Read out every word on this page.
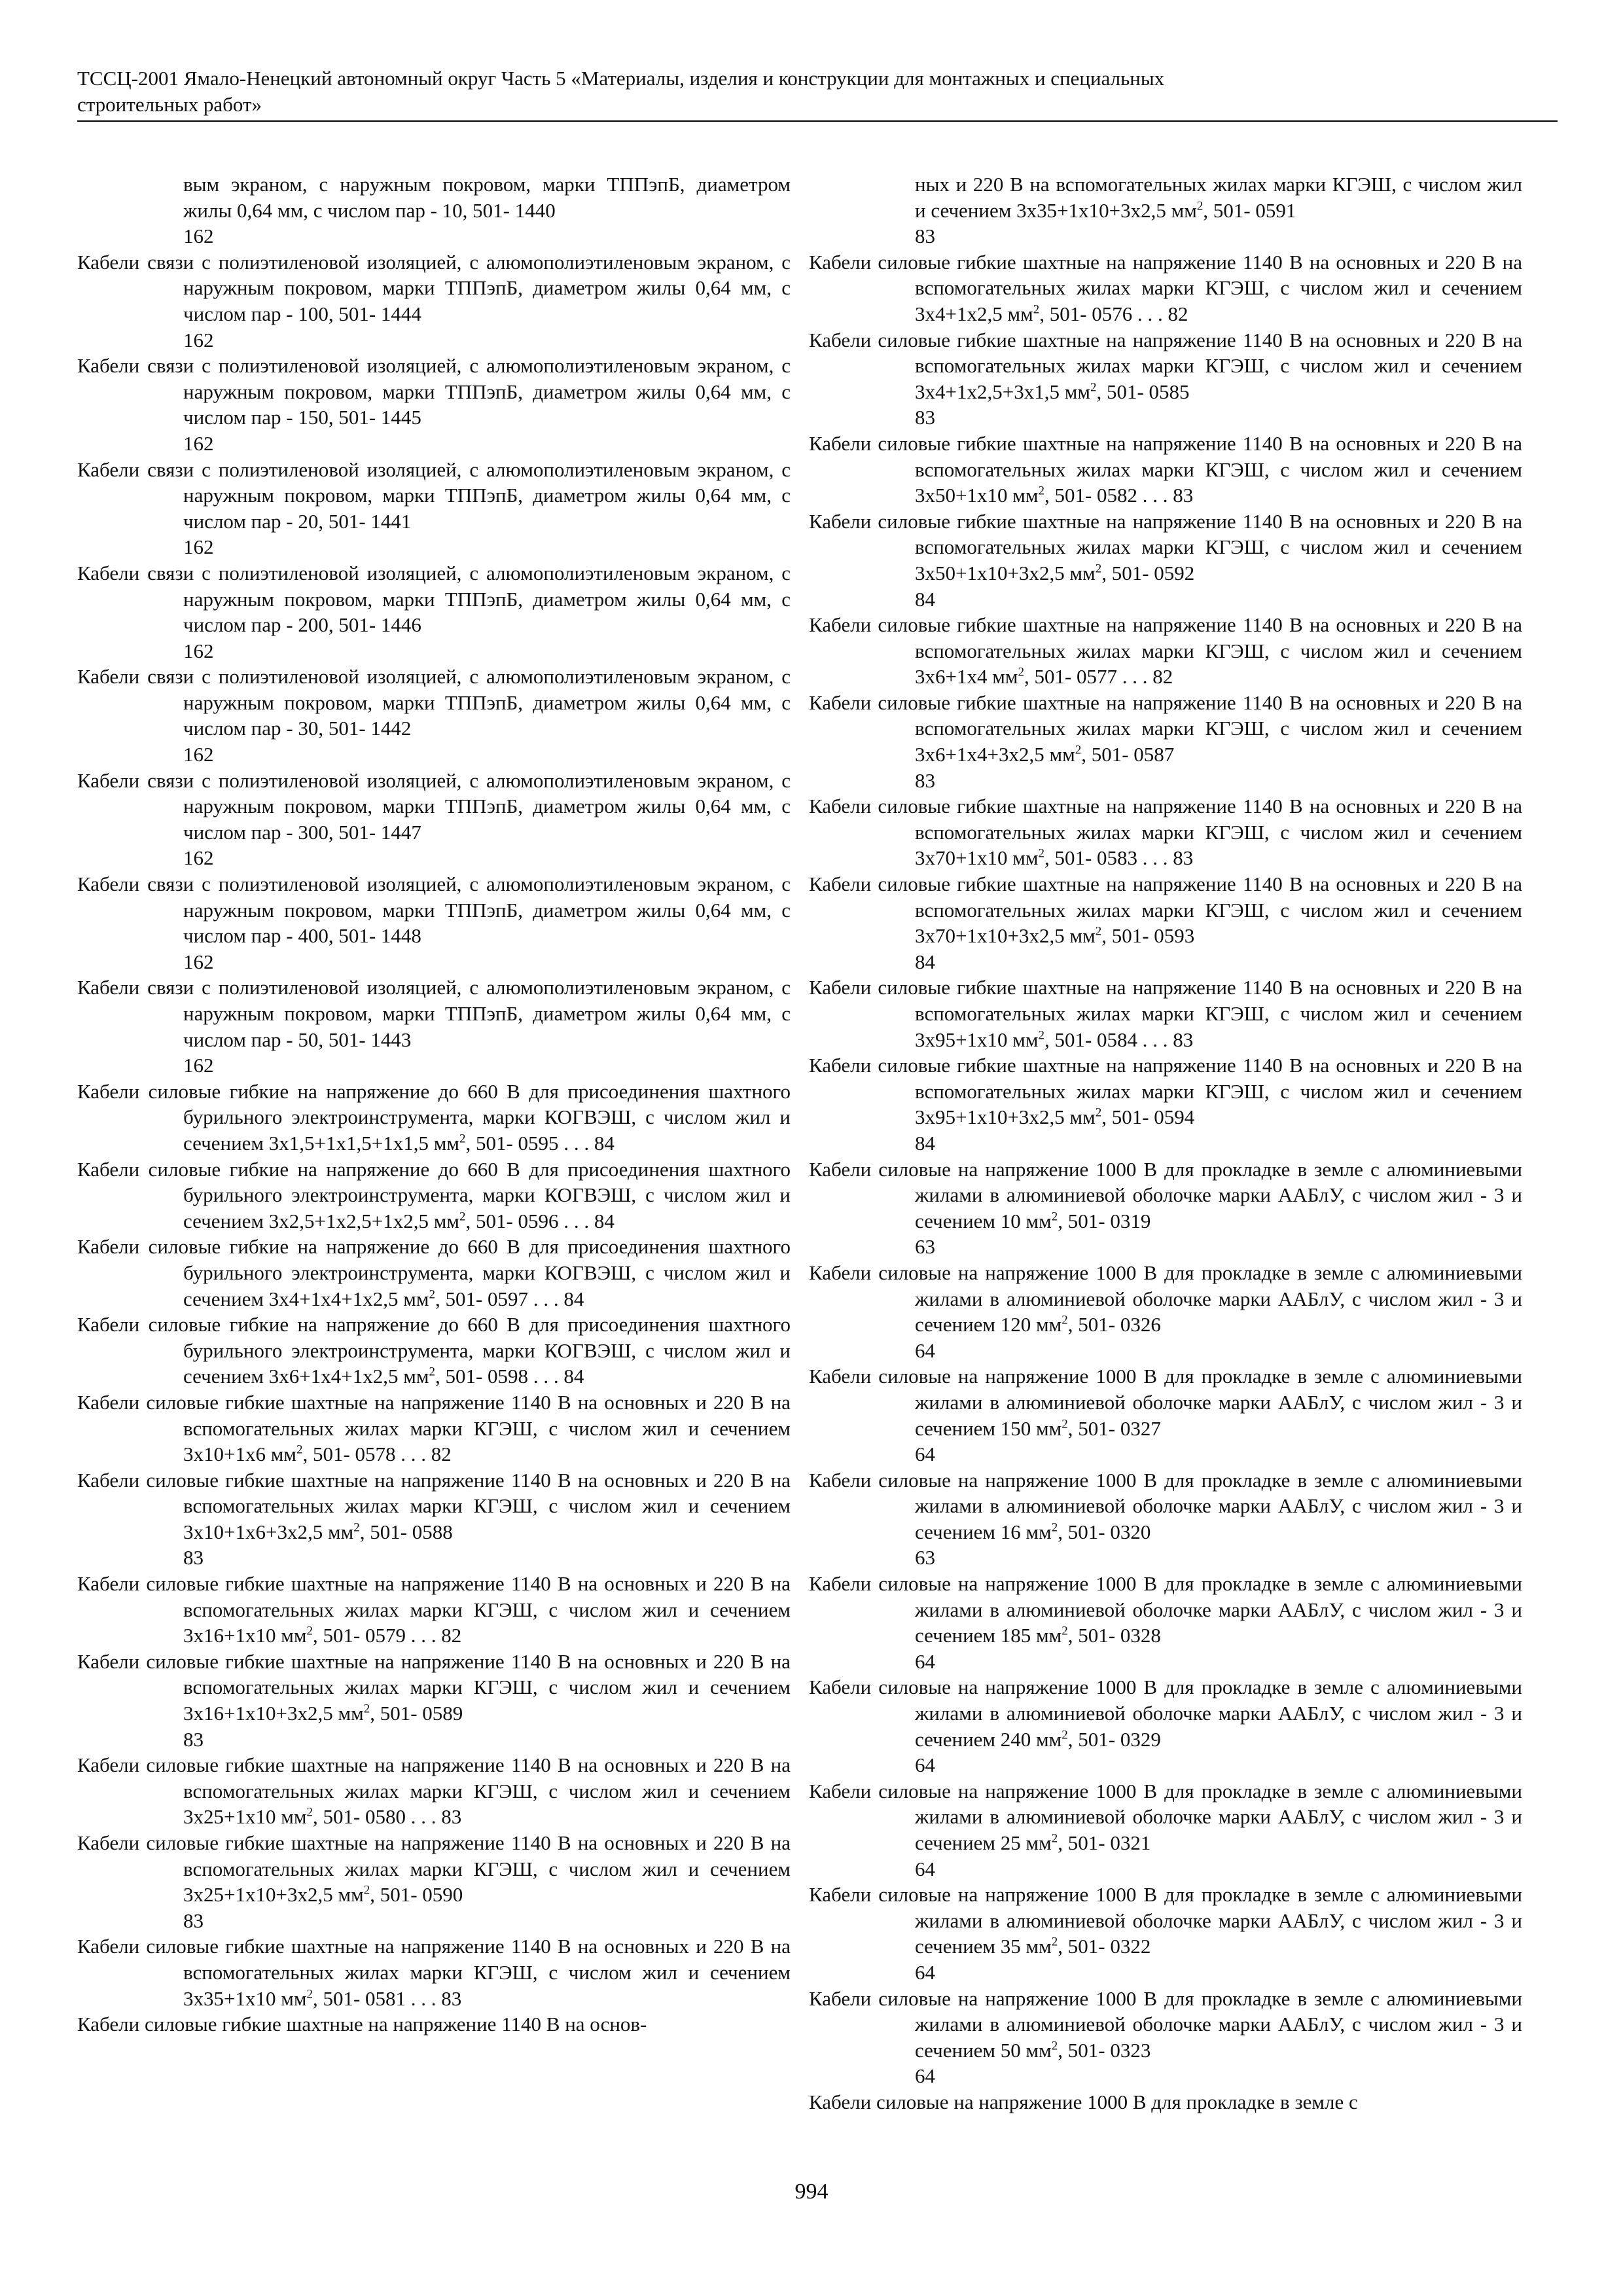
ТССЦ-2001 Ямало-Ненецкий автономный округ Часть 5 «Материалы, изделия и конструкции для монтажных и специальных
строительных работ»

вым экраном, с наружным покровом, марки ТППэпБ, диаметром жилы 0,64 мм, с числом пар - 10, 501- 1440
162

Кабели связи с полиэтиленовой изоляцией, с алюмополиэтиленовым экраном, с наружным покровом, марки ТППэпБ, диаметром жилы 0,64 мм, с числом пар - 100, 501- 1444
162

Кабели связи с полиэтиленовой изоляцией, с алюмополиэтиленовым экраном, с наружным покровом, марки ТППэпБ, диаметром жилы 0,64 мм, с числом пар - 150, 501- 1445
162

Кабели связи с полиэтиленовой изоляцией, с алюмополиэтиленовым экраном, с наружным покровом, марки ТППэпБ, диаметром жилы 0,64 мм, с числом пар - 20, 501- 1441
162

Кабели связи с полиэтиленовой изоляцией, с алюмополиэтиленовым экраном, с наружным покровом, марки ТППэпБ, диаметром жилы 0,64 мм, с числом пар - 200, 501- 1446
162

Кабели связи с полиэтиленовой изоляцией, с алюмополиэтиленовым экраном, с наружным покровом, марки ТППэпБ, диаметром жилы 0,64 мм, с числом пар - 30, 501- 1442
162

Кабели связи с полиэтиленовой изоляцией, с алюмополиэтиленовым экраном, с наружным покровом, марки ТППэпБ, диаметром жилы 0,64 мм, с числом пар - 300, 501- 1447
162

Кабели связи с полиэтиленовой изоляцией, с алюмополиэтиленовым экраном, с наружным покровом, марки ТППэпБ, диаметром жилы 0,64 мм, с числом пар - 400, 501- 1448
162

Кабели связи с полиэтиленовой изоляцией, с алюмополиэтиленовым экраном, с наружным покровом, марки ТППэпБ, диаметром жилы 0,64 мм, с числом пар - 50, 501- 1443
162

Кабели силовые гибкие на напряжение до 660 В для присоединения шахтного бурильного электроинструмента, марки КОГВЭШ, с числом жил и сечением 3х1,5+1х1,5+1х1,5 $мм^2$, 501- 0595 . . . 84

Кабели силовые гибкие на напряжение до 660 В для присоединения шахтного бурильного электроинструмента, марки КОГВЭШ, с числом жил и сечением 3х2,5+1х2,5+1х2,5 $мм^2$, 501- 0596 . . . 84

Кабели силовые гибкие на напряжение до 660 В для присоединения шахтного бурильного электроинструмента, марки КОГВЭШ, с числом жил и сечением 3х4+1х4+1х2,5 $мм^2$, 501- 0597 . . . 84

Кабели силовые гибкие на напряжение до 660 В для присоединения шахтного бурильного электроинструмента, марки КОГВЭШ, с числом жил и сечением 3х6+1х4+1х2,5 $мм^2$, 501- 0598 . . . 84

Кабели силовые гибкие шахтные на напряжение 1140 В на основных и 220 В на вспомогательных жилах марки КГЭШ, с числом жил и сечением 3х10+1х6 $мм^2$, 501- 0578 . . . 82

Кабели силовые гибкие шахтные на напряжение 1140 В на основных и 220 В на вспомогательных жилах марки КГЭШ, с числом жил и сечением 3х10+1х6+3х2,5 $мм^2$, 501- 0588
83

Кабели силовые гибкие шахтные на напряжение 1140 В на основных и 220 В на вспомогательных жилах марки КГЭШ, с числом жил и сечением 3х16+1х10 $мм^2$, 501- 0579 . . . 82

Кабели силовые гибкие шахтные на напряжение 1140 В на основных и 220 В на вспомогательных жилах марки КГЭШ, с числом жил и сечением 3х16+1х10+3х2,5 $мм^2$, 501- 0589
83

Кабели силовые гибкие шахтные на напряжение 1140 В на основных и 220 В на вспомогательных жилах марки КГЭШ, с числом жил и сечением 3х25+1х10 $мм^2$, 501- 0580 . . . 83

Кабели силовые гибкие шахтные на напряжение 1140 В на основных и 220 В на вспомогательных жилах марки КГЭШ, с числом жил и сечением 3х25+1х10+3х2,5 $мм^2$, 501- 0590
83

Кабели силовые гибкие шахтные на напряжение 1140 В на основных и 220 В на вспомогательных жилах марки КГЭШ, с числом жил и сечением 3х35+1х10 $мм^2$, 501- 0581 . . . 83

Кабели силовые гибкие шахтные на напряжение 1140 В на основ-

ных и 220 В на вспомогательных жилах марки КГЭШ, с числом жил и сечением 3х35+1х10+3х2,5 $мм^2$, 501- 0591
83

Кабели силовые гибкие шахтные на напряжение 1140 В на основных и 220 В на вспомогательных жилах марки КГЭШ, с числом жил и сечением 3х4+1х2,5 $мм^2$, 501- 0576 . . . 82

Кабели силовые гибкие шахтные на напряжение 1140 В на основных и 220 В на вспомогательных жилах марки КГЭШ, с числом жил и сечением 3х4+1х2,5+3х1,5 $мм^2$, 501- 0585
83

Кабели силовые гибкие шахтные на напряжение 1140 В на основных и 220 В на вспомогательных жилах марки КГЭШ, с числом жил и сечением 3х50+1х10 $мм^2$, 501- 0582 . . . 83

Кабели силовые гибкие шахтные на напряжение 1140 В на основных и 220 В на вспомогательных жилах марки КГЭШ, с числом жил и сечением 3х50+1х10+3х2,5 $мм^2$, 501- 0592
84

Кабели силовые гибкие шахтные на напряжение 1140 В на основных и 220 В на вспомогательных жилах марки КГЭШ, с числом жил и сечением 3х6+1х4 $мм^2$, 501- 0577 . . . 82

Кабели силовые гибкие шахтные на напряжение 1140 В на основных и 220 В на вспомогательных жилах марки КГЭШ, с числом жил и сечением 3х6+1х4+3х2,5 $мм^2$, 501- 0587
83

Кабели силовые гибкие шахтные на напряжение 1140 В на основных и 220 В на вспомогательных жилах марки КГЭШ, с числом жил и сечением 3х70+1х10 $мм^2$, 501- 0583 . . . 83

Кабели силовые гибкие шахтные на напряжение 1140 В на основных и 220 В на вспомогательных жилах марки КГЭШ, с числом жил и сечением 3х70+1х10+3х2,5 $мм^2$, 501- 0593
84

Кабели силовые гибкие шахтные на напряжение 1140 В на основных и 220 В на вспомогательных жилах марки КГЭШ, с числом жил и сечением 3х95+1х10 $мм^2$, 501- 0584 . . . 83

Кабели силовые гибкие шахтные на напряжение 1140 В на основных и 220 В на вспомогательных жилах марки КГЭШ, с числом жил и сечением 3х95+1х10+3х2,5 $мм^2$, 501- 0594
84

Кабели силовые на напряжение 1000 В для прокладке в земле с алюминиевыми жилами в алюминиевой оболочке марки ААБлУ, с числом жил - 3 и сечением 10 $мм^2$, 501- 0319
63

Кабели силовые на напряжение 1000 В для прокладке в земле с алюминиевыми жилами в алюминиевой оболочке марки ААБлУ, с числом жил - 3 и сечением 120 $мм^2$, 501- 0326
64

Кабели силовые на напряжение 1000 В для прокладке в земле с алюминиевыми жилами в алюминиевой оболочке марки ААБлУ, с числом жил - 3 и сечением 150 $мм^2$, 501- 0327
64

Кабели силовые на напряжение 1000 В для прокладке в земле с алюминиевыми жилами в алюминиевой оболочке марки ААБлУ, с числом жил - 3 и сечением 16 $мм^2$, 501- 0320
63

Кабели силовые на напряжение 1000 В для прокладке в земле с алюминиевыми жилами в алюминиевой оболочке марки ААБлУ, с числом жил - 3 и сечением 185 $мм^2$, 501- 0328
64

Кабели силовые на напряжение 1000 В для прокладке в земле с алюминиевыми жилами в алюминиевой оболочке марки ААБлУ, с числом жил - 3 и сечением 240 $мм^2$, 501- 0329
64

Кабели силовые на напряжение 1000 В для прокладке в земле с алюминиевыми жилами в алюминиевой оболочке марки ААБлУ, с числом жил - 3 и сечением 25 $мм^2$, 501- 0321
64

Кабели силовые на напряжение 1000 В для прокладке в земле с алюминиевыми жилами в алюминиевой оболочке марки ААБлУ, с числом жил - 3 и сечением 35 $мм^2$, 501- 0322
64

Кабели силовые на напряжение 1000 В для прокладке в земле с алюминиевыми жилами в алюминиевой оболочке марки ААБлУ, с числом жил - 3 и сечением 50 $мм^2$, 501- 0323
64

Кабели силовые на напряжение 1000 В для прокладке в земле с

994
